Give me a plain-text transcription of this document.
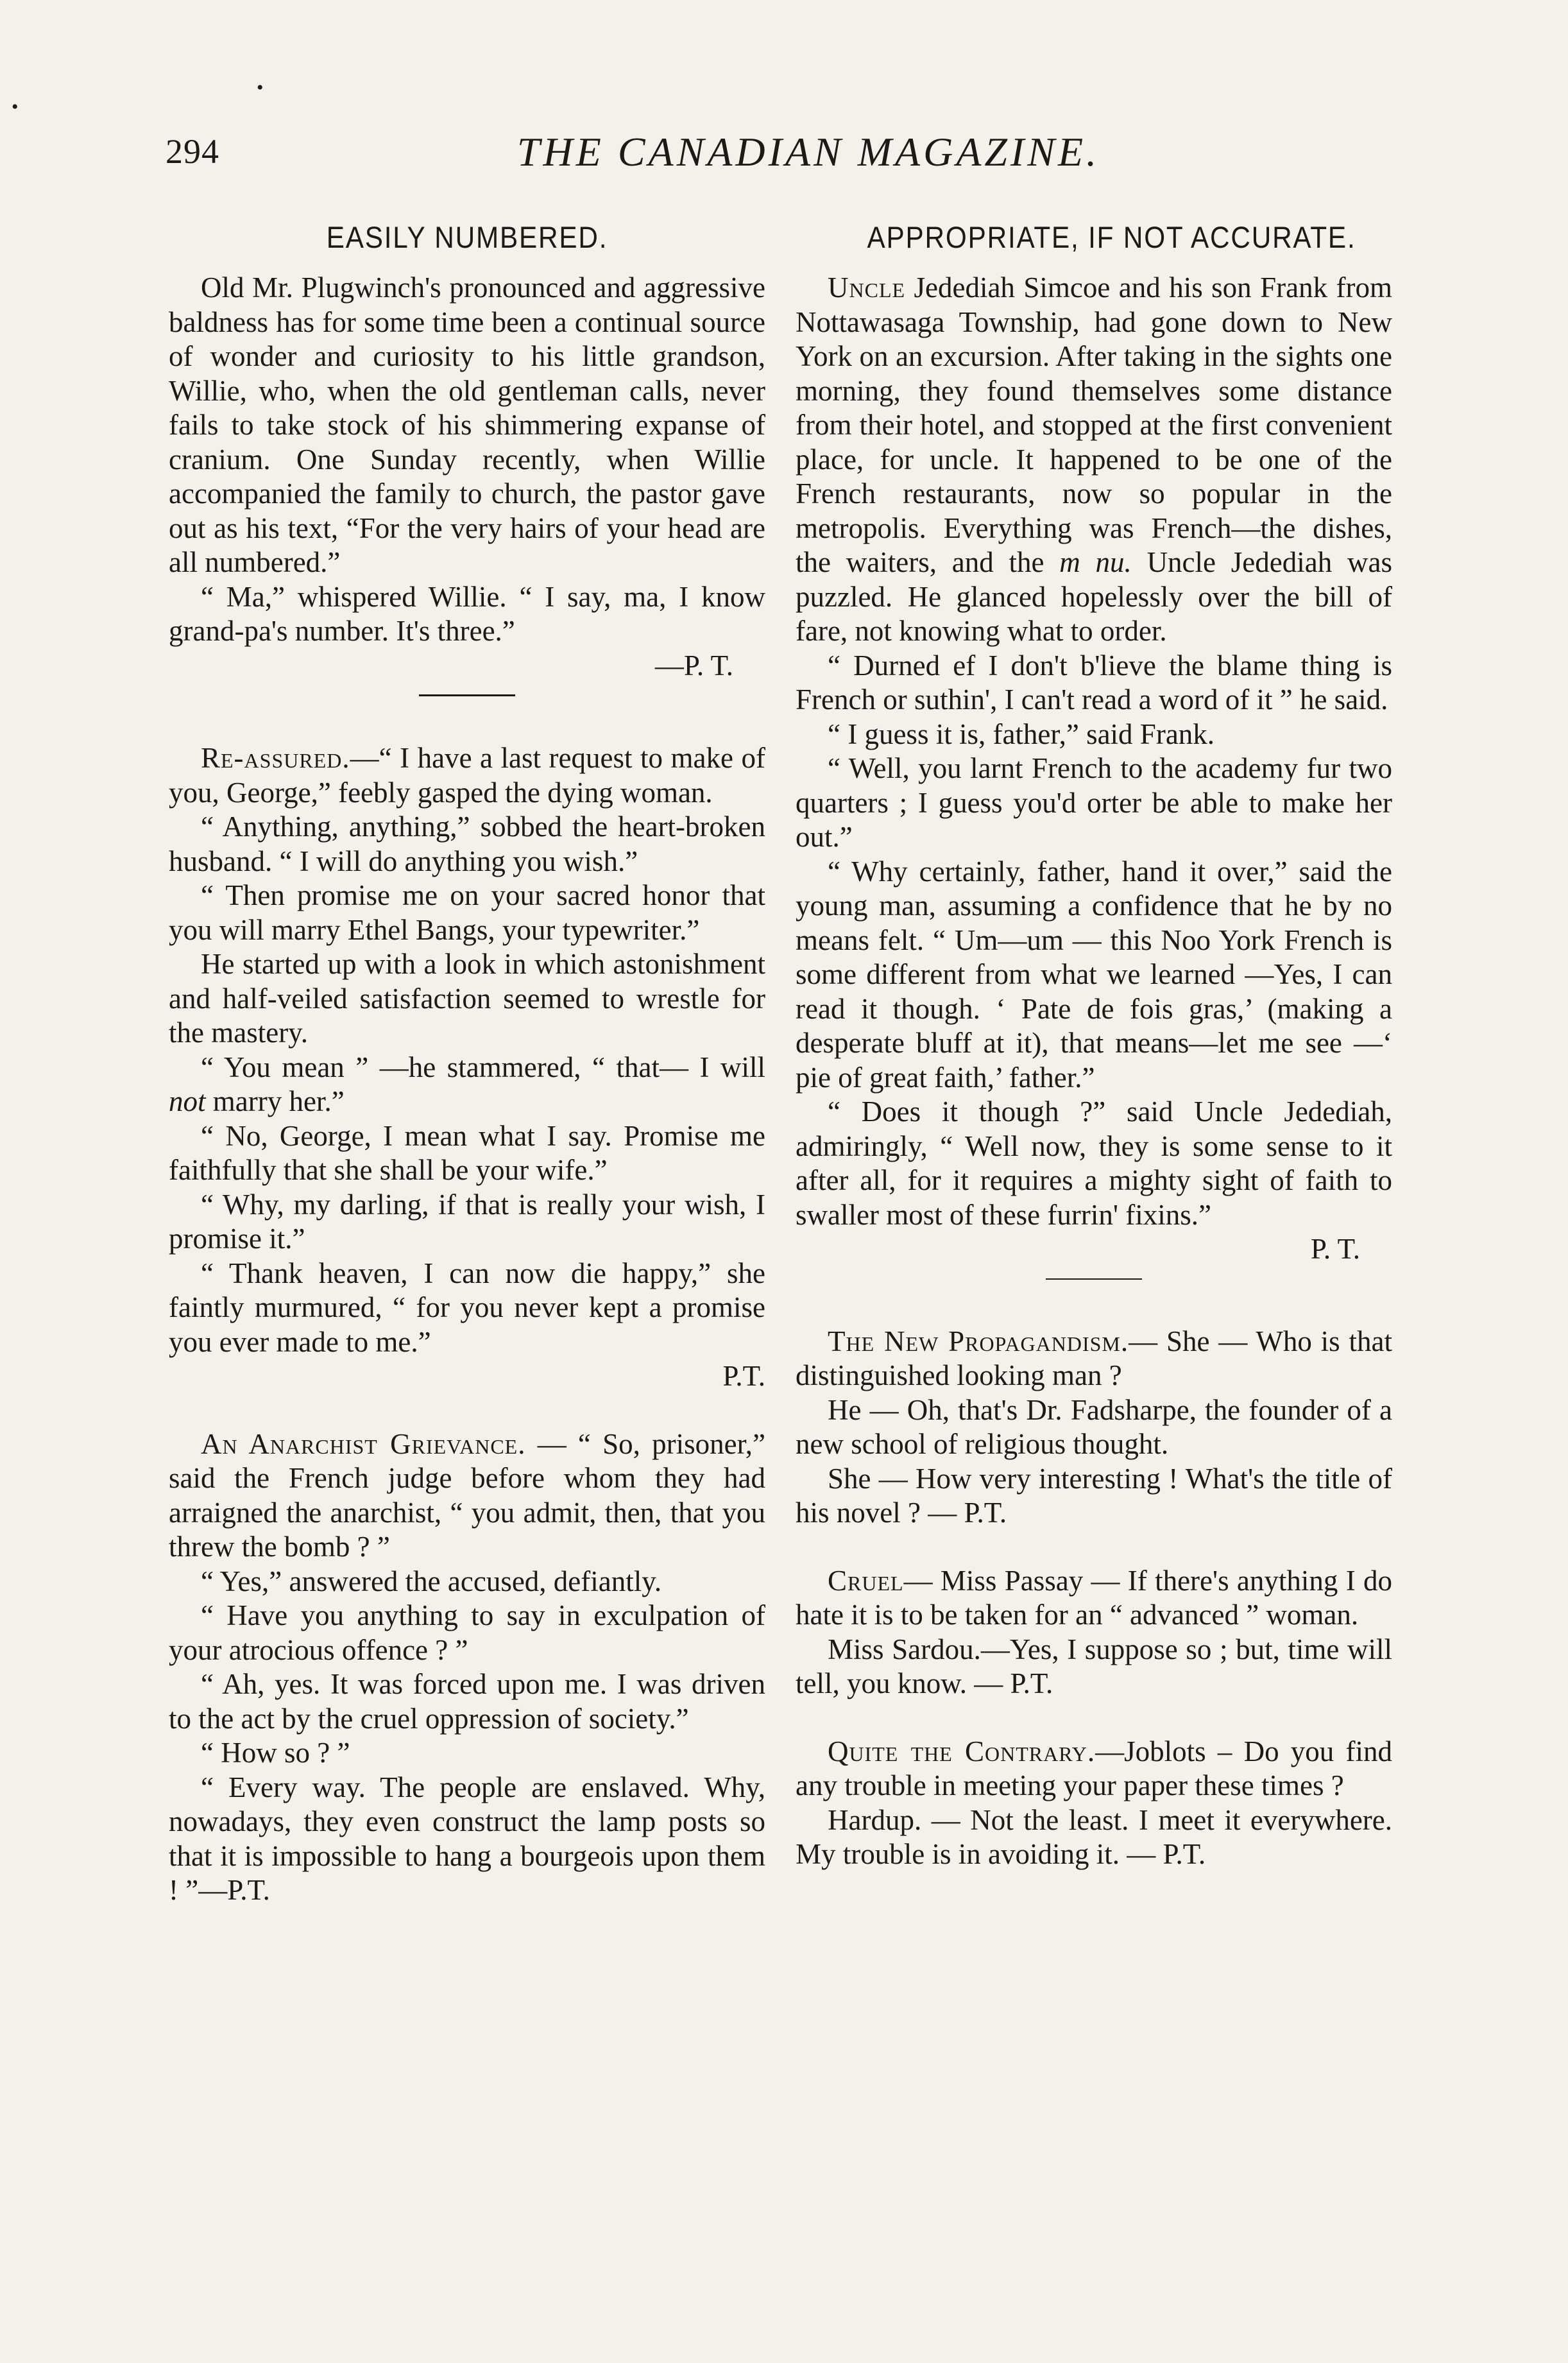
•
•
294	THE CANADIAN MAGAZINE.
EASILY NUMBERED.

Old Mr. Plugwinch's pronounced and aggressive baldness has for some time been a continual source of wonder and curiosity to his little grandson, Willie, who, when the old gentleman calls, never fails to take stock of his shimmering expanse of cranium. One Sunday recently, when Willie accompanied the family to church, the pastor gave out as his text, “For the very hairs of your head are all numbered.”

“ Ma,” whispered Willie. “ I say, ma, I know grand-pa's number. It's three.”

—P. T.

Re-assured.—“ I have a last request to make of you, George,” feebly gasped the dying woman.

“ Anything, anything,” sobbed the heart-broken husband. “ I will do anything you wish.”

“ Then promise me on your sacred honor that you will marry Ethel Bangs, your typewriter.”

He started up with a look in which astonishment and half-veiled satisfaction seemed to wrestle for the mastery.

“ You mean ” —he stammered, “ that— I will not marry her.”

“ No, George, I mean what I say. Promise me faithfully that she shall be your wife.”

“ Why, my darling, if that is really your wish, I promise it.”

“ Thank heaven, I can now die happy,” she faintly murmured, “ for you never kept a promise you ever made to me.”

P.T.

An Anarchist Grievance. — “ So, prisoner,” said the French judge before whom they had arraigned the anarchist, “ you admit, then, that you threw the bomb ? ”

“ Yes,” answered the accused, defiantly.

“ Have you anything to say in exculpation of your atrocious offence ? ”

“ Ah, yes. It was forced upon me. I was driven to the act by the cruel oppression of society.”

“ How so ? ”

“ Every way. The people are enslaved. Why, nowadays, they even construct the lamp posts so that it is impossible to hang a bourgeois upon them ! ”—P.T.

APPROPRIATE, IF NOT ACCURATE.

Uncle Jedediah Simcoe and his son Frank from Nottawasaga Township, had gone down to New York on an excursion. After taking in the sights one morning, they found themselves some distance from their hotel, and stopped at the first convenient place, for uncle. It happened to be one of the French restaurants, now so popular in the metropolis. Everything was French—the dishes, the waiters, and the m nu. Uncle Jedediah was puzzled. He glanced hopelessly over the bill of fare, not knowing what to order.

“ Durned ef I don't b'lieve the blame thing is French or suthin', I can't read a word of it ” he said.

“ I guess it is, father,” said Frank.

“ Well, you larnt French to the academy fur two quarters ; I guess you'd orter be able to make her out.”

“ Why certainly, father, hand it over,” said the young man, assuming a confidence that he by no means felt. “ Um—um — this Noo York French is some different from what we learned —Yes, I can read it though. ‘ Pate de fois gras,’ (making a desperate bluff at it), that means—let me see —‘ pie of great faith,’ father.”

“ Does it though ?” said Uncle Jedediah, admiringly, “ Well now, they is some sense to it after all, for it requires a mighty sight of faith to swaller most of these furrin' fixins.”

P. T.

The New Propagandism.— She — Who is that distinguished looking man ?

He — Oh, that's Dr. Fadsharpe, the founder of a new school of religious thought.

She — How very interesting ! What's the title of his novel ? — P.T.

Cruel— Miss Passay — If there's anything I do hate it is to be taken for an “ advanced ” woman.

Miss Sardou.—Yes, I suppose so ; but, time will tell, you know. — P.T.

Quite the Contrary.—Joblots – Do you find any trouble in meeting your paper these times ?

Hardup. — Not the least. I meet it everywhere. My trouble is in avoiding it. — P.T.
